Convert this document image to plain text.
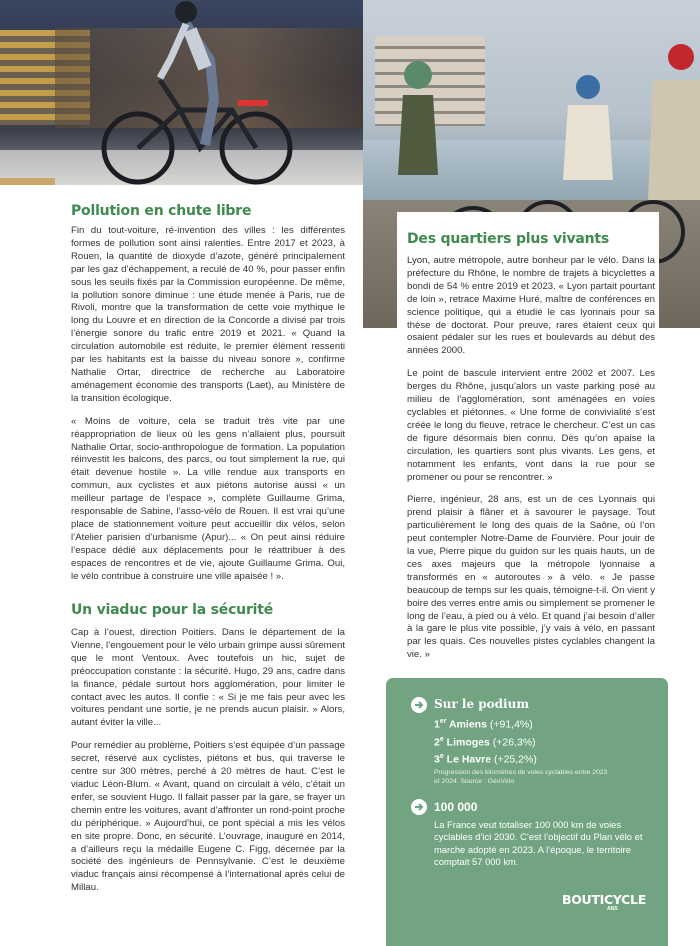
Pollution en chute libre

Fin du tout-voiture, ré-invention des villes : les différentes formes de pollution sont ainsi ralenties. Entre 2017 et 2023, à Rouen, la quantité de dioxyde d’azote, généré principalement par les gaz d’échappement, a reculé de 40 %, pour passer enfin sous les seuils fixés par la Commission européenne. De même, la pollution sonore diminue : une étude menée à Paris, rue de Rivoli, montre que la transformation de cette voie mythique le long du Louvre et en direction de la Concorde a divisé par trois l’énergie sonore du trafic entre 2019 et 2021. « Quand la circulation automobile est réduite, le premier élément ressenti par les habitants est la baisse du niveau sonore », confirme Nathalie Ortar, directrice de recherche au Laboratoire aménagement économie des transports (Laet), au Ministère de la transition écologique.

« Moins de voiture, cela se traduit très vite par une réappropriation de lieux où les gens n’allaient plus, poursuit Nathalie Ortar, socio-anthropologue de formation. La population réinvestit les balcons, des parcs, ou tout simplement la rue, qui était devenue hostile ». La ville rendue aux transports en commun, aux cyclistes et aux piétons autorise aussi « un meilleur partage de l’espace », complète Guillaume Grima, responsable de Sabine, l’asso-vélo de Rouen. Il est vrai qu’une place de stationnement voiture peut accueillir dix vélos, selon l’Atelier parisien d’urbanisme (Apur)... « On peut ainsi réduire l’espace dédié aux déplacements pour le réattribuer à des espaces de rencontres et de vie, ajoute Guillaume Grima. Oui, le vélo contribue à construire une ville apaisée ! ».

Un viaduc pour la sécurité

Cap à l’ouest, direction Poitiers. Dans le département de la Vienne, l’engouement pour le vélo urbain grimpe aussi sûrement que le mont Ventoux. Avec toutefois un hic, sujet de préoccupation constante : la sécurité. Hugo, 29 ans, cadre dans la finance, pédale surtout hors agglomération, pour limiter le contact avec les autos. Il confie : « Si je me fais peur avec les voitures pendant une sortie, je ne prends aucun plaisir. » Alors, autant éviter la ville...

Pour remédier au problème, Poitiers s’est équipée d’un passage secret, réservé aux cyclistes, piétons et bus, qui traverse le centre sur 300 mètres, perché à 20 mètres de haut. C’est le viaduc Léon-Blum. « Avant, quand on circulait à vélo, c’était un enfer, se souvient Hugo. Il fallait passer par la gare, se frayer un chemin entre les voitures, avant d’affronter un rond-point proche du périphérique. » Aujourd’hui, ce pont spécial a mis les vélos en site propre. Donc, en sécurité. L’ouvrage, inauguré en 2014, a d’ailleurs reçu la médaille Eugene C. Figg, décernée par la société des ingénieurs de Pennsylvanie. C’est le deuxième viaduc français ainsi récompensé à l’international après celui de Millau.

Des quartiers plus vivants

Lyon, autre métropole, autre bonheur par le vélo. Dans la préfecture du Rhône, le nombre de trajets à bicyclettes a bondi de 54 % entre 2019 et 2023. « Lyon partait pourtant de loin », retrace Maxime Huré, maître de conférences en science politique, qui a étudié le cas lyonnais pour sa thèse de doctorat. Pour preuve, rares étaient ceux qui osaient pédaler sur les rues et boulevards au début des années 2000.

Le point de bascule intervient entre 2002 et 2007. Les berges du Rhône, jusqu’alors un vaste parking posé au milieu de l’agglomération, sont aménagées en voies cyclables et piétonnes. « Une forme de convivialité s’est créée le long du fleuve, retrace le chercheur. C’est un cas de figure désormais bien connu. Dès qu’on apaise la circulation, les quartiers sont plus vivants. Les gens, et notamment les enfants, vont dans la rue pour se promener ou pour se rencontrer. »

Pierre, ingénieur, 28 ans, est un de ces Lyonnais qui prend plaisir à flâner et à savourer le paysage. Tout particulièrement le long des quais de la Saône, où l’on peut contempler Notre-Dame de Fourvière. Pour jouir de la vue, Pierre pique du guidon sur les quais hauts, un de ces axes majeurs que la métropole lyonnaise a transformés en « autoroutes » à vélo. « Je passe beaucoup de temps sur les quais, témoigne-t-il. On vient y boire des verres entre amis ou simplement se promener le long de l’eau, à pied ou à vélo. Et quand j’ai besoin d’aller à la gare le plus vite possible, j’y vais à vélo, en passant par les quais. Ces nouvelles pistes cyclables changent la vie. »

Sur le podium
1er Amiens (+91,4%)
2e Limoges (+26,3%)
3e Le Havre (+25,2%)
Progression des kilomètres de voies cyclables entre 2023 et 2024. Source : GéoVélo
100 000
La France veut totaliser 100 000 km de voies cyclables d’ici 2030. C’est l’objectif du Plan vélo et marche adopté en 2023. A l’époque, le territoire comptait 57 000 km.
BOUTICYCLE
ANS
